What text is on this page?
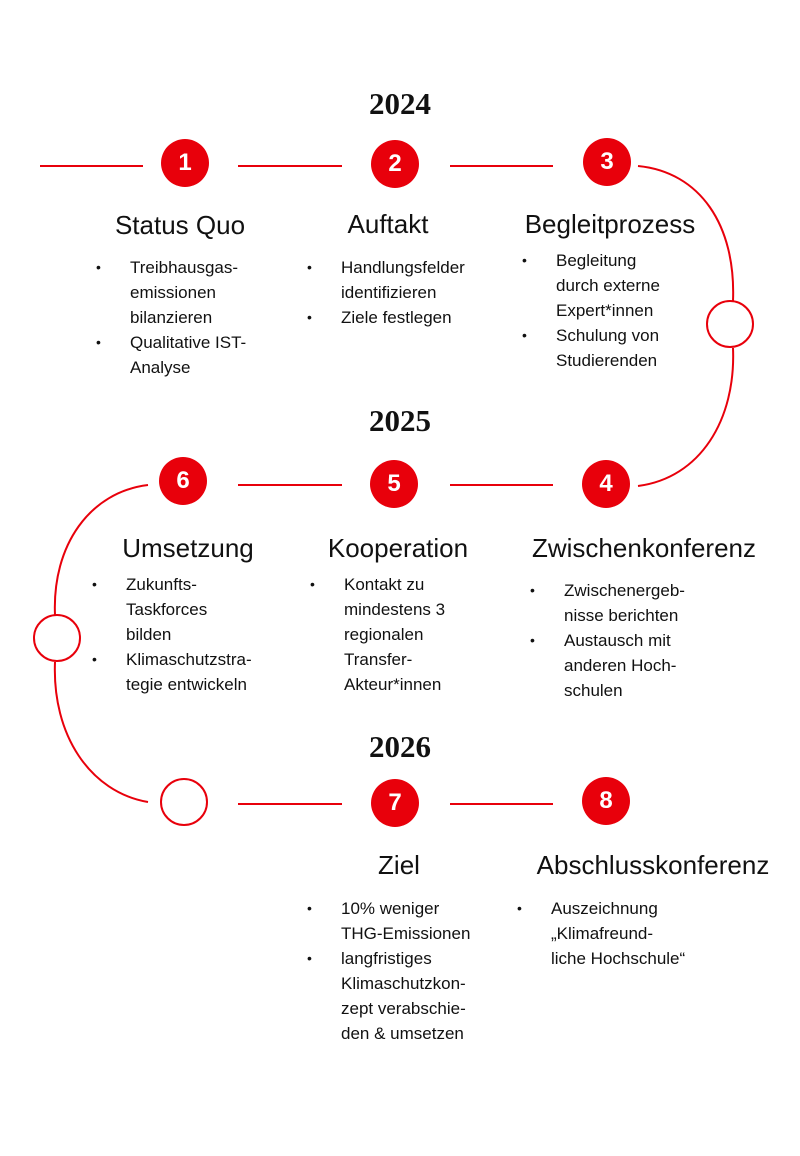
2024
2025
2026
1	2	3
4
5
6
7	8
Status Quo	Auftakt	Begleitprozess
Zwischenkonferenz
Kooperation
Umsetzung
Ziel	Abschlusskonferenz
• Treibhausgas-
emissionen
bilanzieren
• Qualitative IST-
Analyse
• Handlungsfelder
identifizieren
• Ziele festlegen
• Begleitung
durch externe
Expert*innen
• Schulung von
Studierenden
• Zwischenergeb-
nisse berichten
• Austausch mit
anderen Hoch-
schulen
• Kontakt zu
mindestens 3
regionalen
Transfer-
Akteur*innen
• Zukunfts-
Taskforces
bilden
• Klimaschutzstra-
tegie entwickeln
• 10% weniger
THG-Emissionen
• langfristiges
Klimaschutzkon-
zept verabschie-
den & umsetzen
• Auszeichnung
„Klimafreund-
liche Hochschule“
